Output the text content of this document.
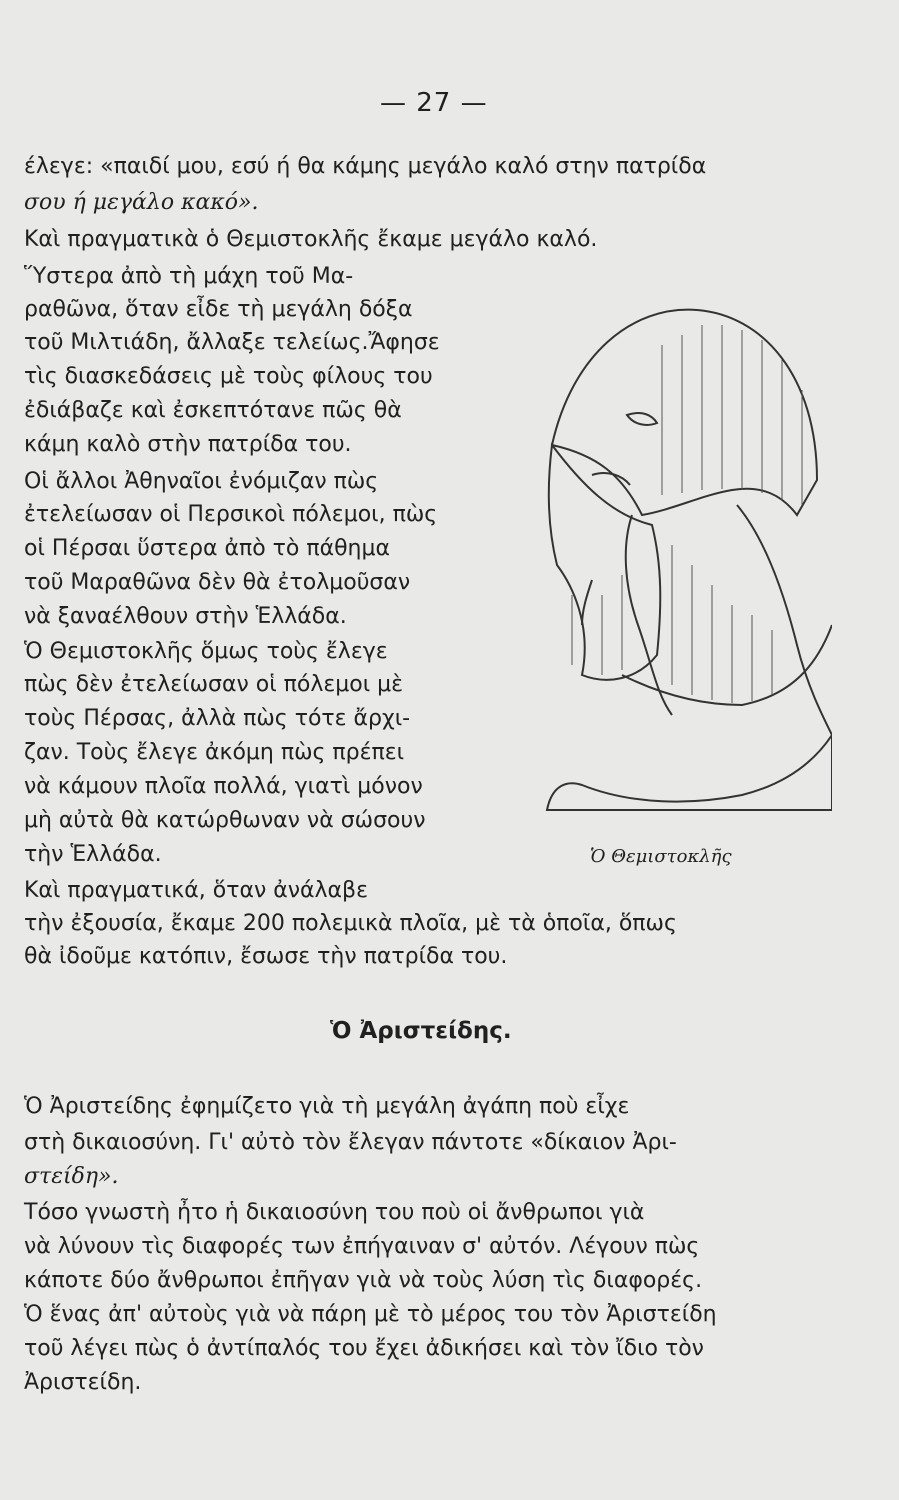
— 27 —
έλεγε: «παιδί μου, εσύ ή θα κάμης μεγάλο καλό στην πατρίδα
σου ή μεγάλο κακό».
Καὶ πραγματικὰ ὁ Θεμιστοκλῆς ἔκαμε μεγάλο καλό.
Ὕστερα ἀπὸ τὴ μάχη τοῦ Μα-
ραθῶνα, ὅταν εἶδε τὴ μεγάλη δόξα
τοῦ Μιλτιάδη, ἄλλαξε τελείως.Ἄφησε
τὶς διασκεδάσεις μὲ τοὺς φίλους του
ἐδιάβαζε καὶ ἐσκεπτότανε πῶς θὰ
κάμη καλὸ στὴν πατρίδα του.
Οἱ ἄλλοι Ἀθηναῖοι ἐνόμιζαν πὼς
ἐτελείωσαν οἱ Περσικοὶ πόλεμοι, πὼς
οἱ Πέρσαι ὕστερα ἀπὸ τὸ πάθημα
τοῦ Μαραθῶνα δὲν θὰ ἐτολμοῦσαν
νὰ ξαναέλθουν στὴν Ἑλλάδα.
Ὁ Θεμιστοκλῆς ὅμως τοὺς ἔλεγε
πὼς δὲν ἐτελείωσαν οἱ πόλεμοι μὲ
τοὺς Πέρσας, ἀλλὰ πὼς τότε ἄρχι-
ζαν. Τοὺς ἔλεγε ἀκόμη πὼς πρέπει
νὰ κάμουν πλοῖα πολλά, γιατὶ μόνον
μὴ αὐτὰ θὰ κατώρθωναν νὰ σώσουν
τὴν Ἑλλάδα.
Καὶ πραγματικά, ὅταν ἀνάλαβε
τὴν ἐξουσία, ἔκαμε 200 πολεμικὰ πλοῖα, μὲ τὰ ὁποῖα, ὅπως
θὰ ἰδοῦμε κατόπιν, ἔσωσε τὴν πατρίδα του.
Ὁ Ἀριστείδης ἐφημίζετο γιὰ τὴ μεγάλη ἀγάπη ποὺ εἶχε
στὴ δικαιοσύνη. Γι' αὐτὸ τὸν ἔλεγαν πάντοτε «δίκαιον Ἀρι-
στείδη».
Τόσο γνωστὴ ἦτο ἡ δικαιοσύνη του ποὺ οἱ ἄνθρωποι γιὰ
νὰ λύνουν τὶς διαφορές των ἐπήγαιναν σ' αὐτόν. Λέγουν πὼς
κάποτε δύο ἄνθρωποι ἐπῆγαν γιὰ νὰ τοὺς λύση τὶς διαφορές.
Ὁ ἕνας ἀπ' αὐτοὺς γιὰ νὰ πάρη μὲ τὸ μέρος του τὸν Ἀριστείδη
τοῦ λέγει πὼς ὁ ἀντίπαλός του ἔχει ἀδικήσει καὶ τὸν ἴδιο τὸν
Ἀριστείδη.
Ὁ Ἀριστείδης.
Ὁ Θεμιστοκλῆς
